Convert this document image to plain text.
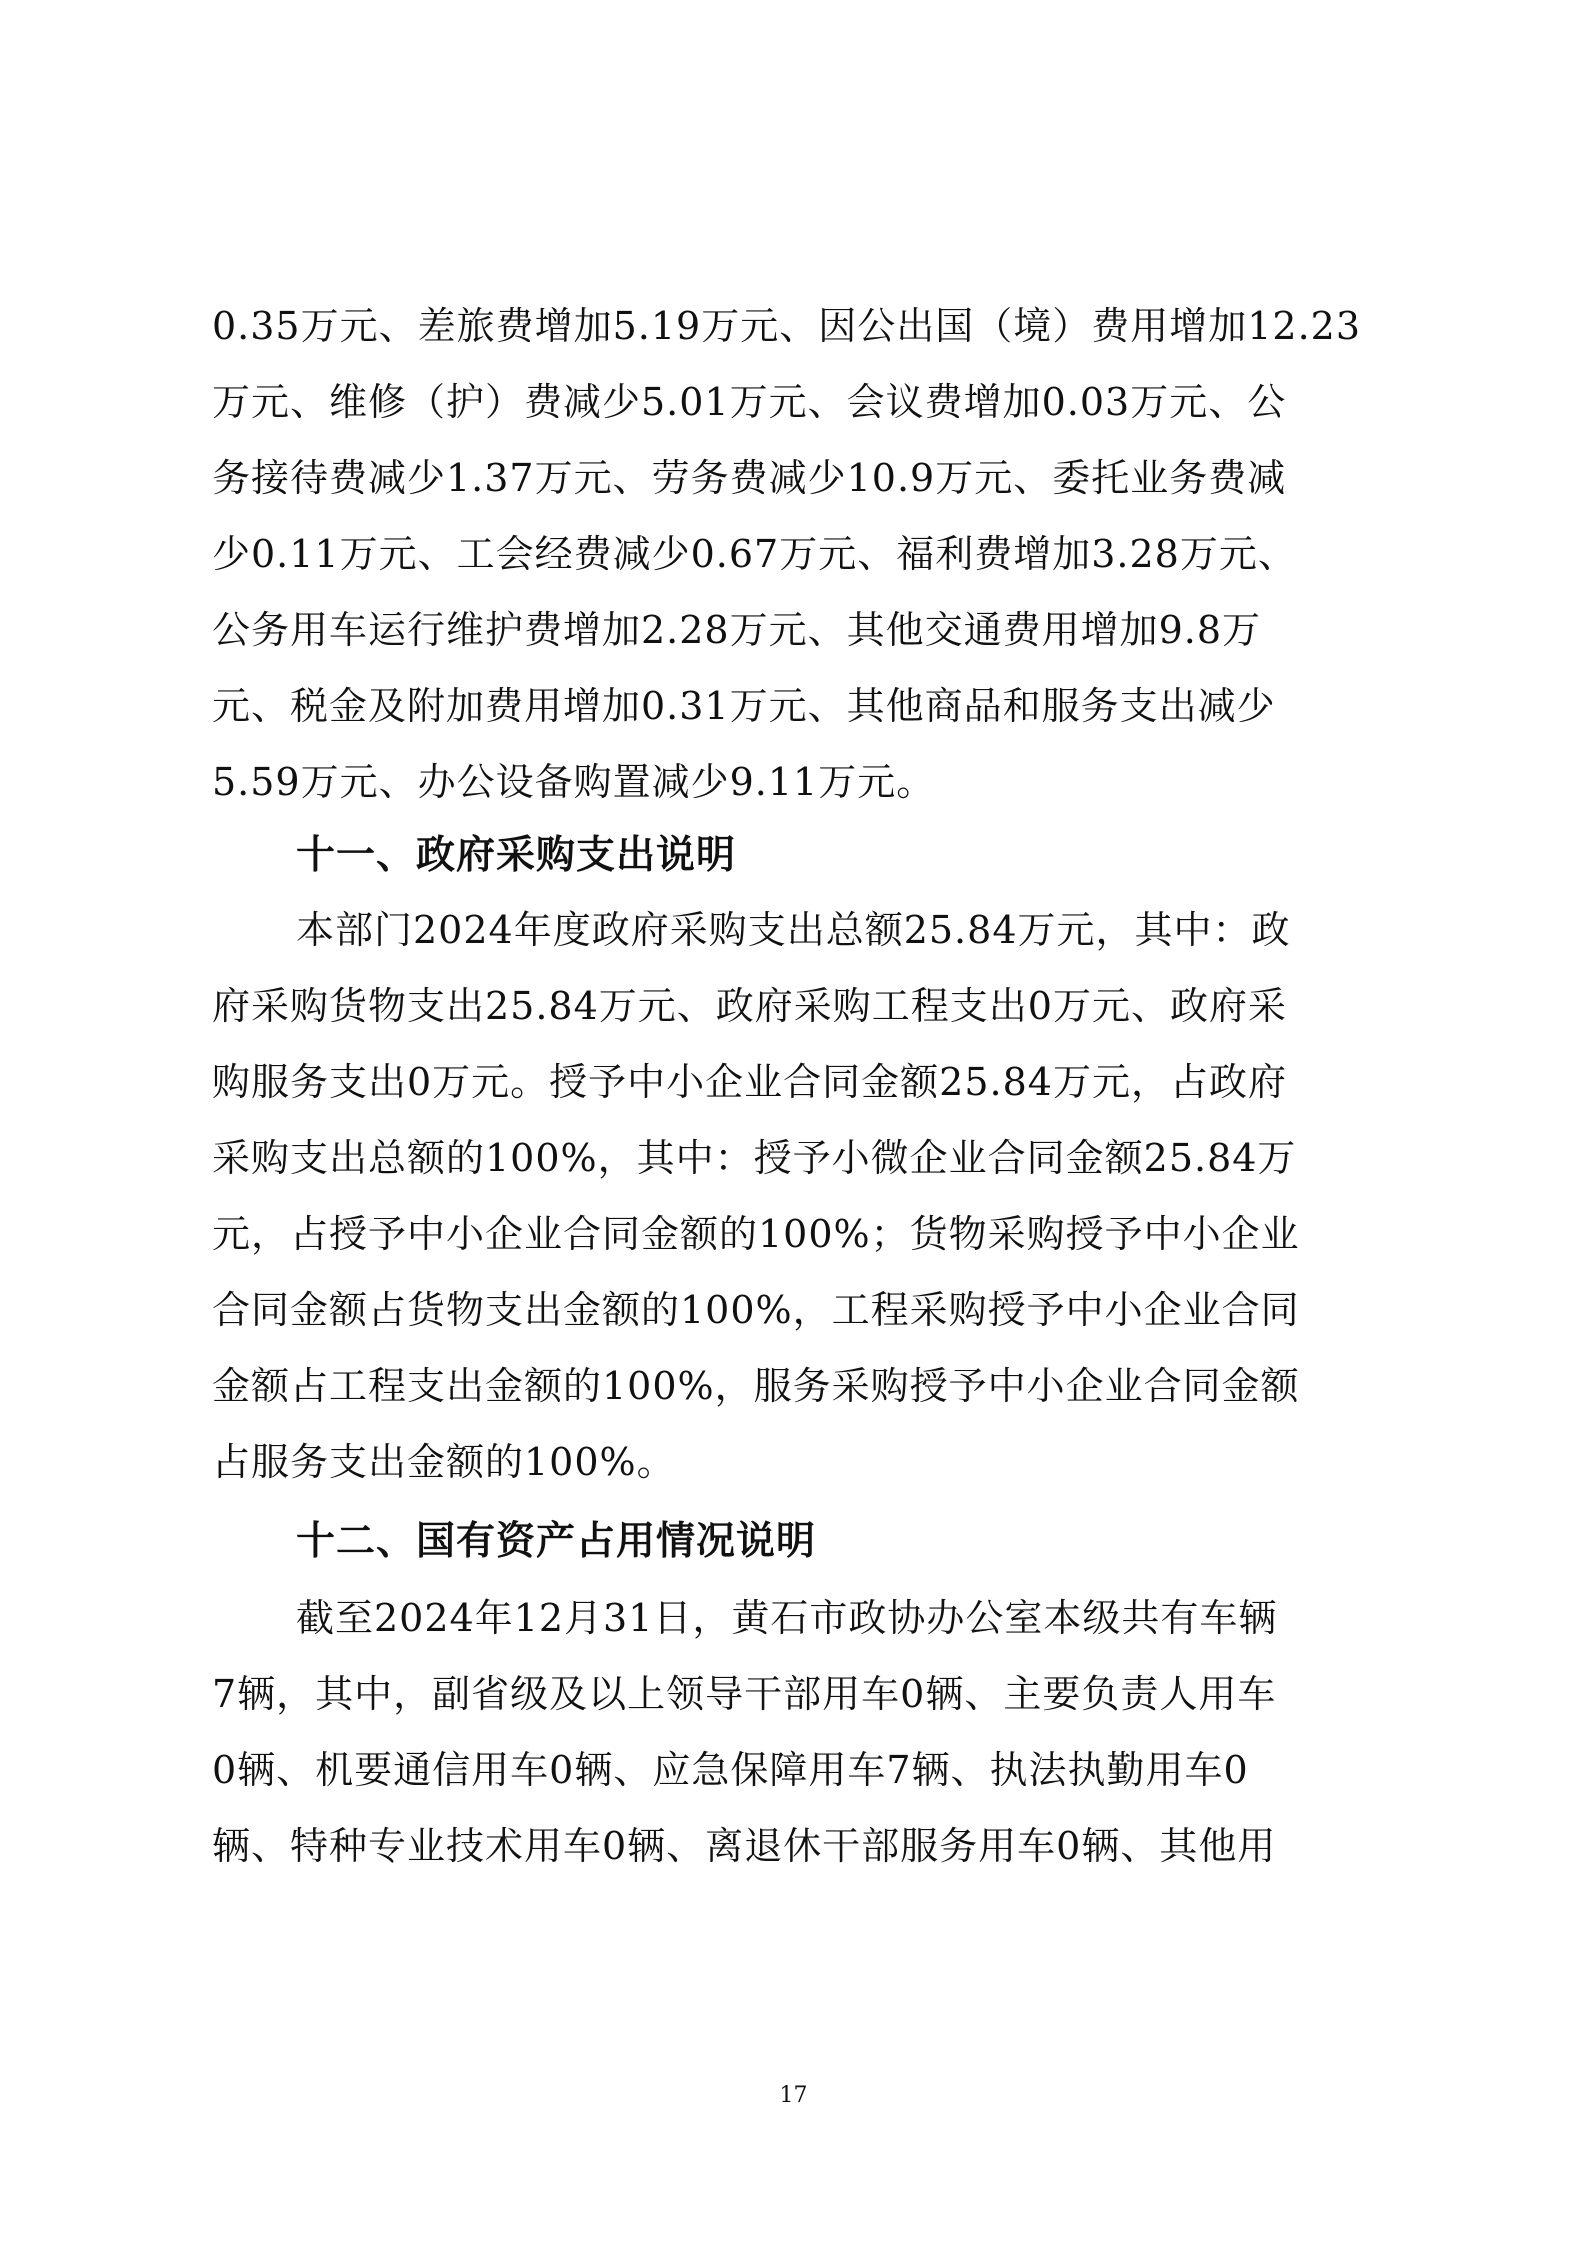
0.35万元、差旅费增加5.19万元、因公出国（境）费用增加12.23
万元、维修（护）费减少5.01万元、会议费增加0.03万元、公
务接待费减少1.37万元、劳务费减少10.9万元、委托业务费减
少0.11万元、工会经费减少0.67万元、福利费增加3.28万元、
公务用车运行维护费增加2.28万元、其他交通费用增加9.8万
元、税金及附加费用增加0.31万元、其他商品和服务支出减少
5.59万元、办公设备购置减少9.11万元。
十一、政府采购支出说明
本部门2024年度政府采购支出总额25.84万元，其中：政
府采购货物支出25.84万元、政府采购工程支出0万元、政府采
购服务支出0万元。授予中小企业合同金额25.84万元，占政府
采购支出总额的100%，其中：授予小微企业合同金额25.84万
元，占授予中小企业合同金额的100%；货物采购授予中小企业
合同金额占货物支出金额的100%，工程采购授予中小企业合同
金额占工程支出金额的100%，服务采购授予中小企业合同金额
占服务支出金额的100%。
十二、国有资产占用情况说明
截至2024年12月31日，黄石市政协办公室本级共有车辆
7辆，其中，副省级及以上领导干部用车0辆、主要负责人用车
0辆、机要通信用车0辆、应急保障用车7辆、执法执勤用车0
辆、特种专业技术用车0辆、离退休干部服务用车0辆、其他用
17
